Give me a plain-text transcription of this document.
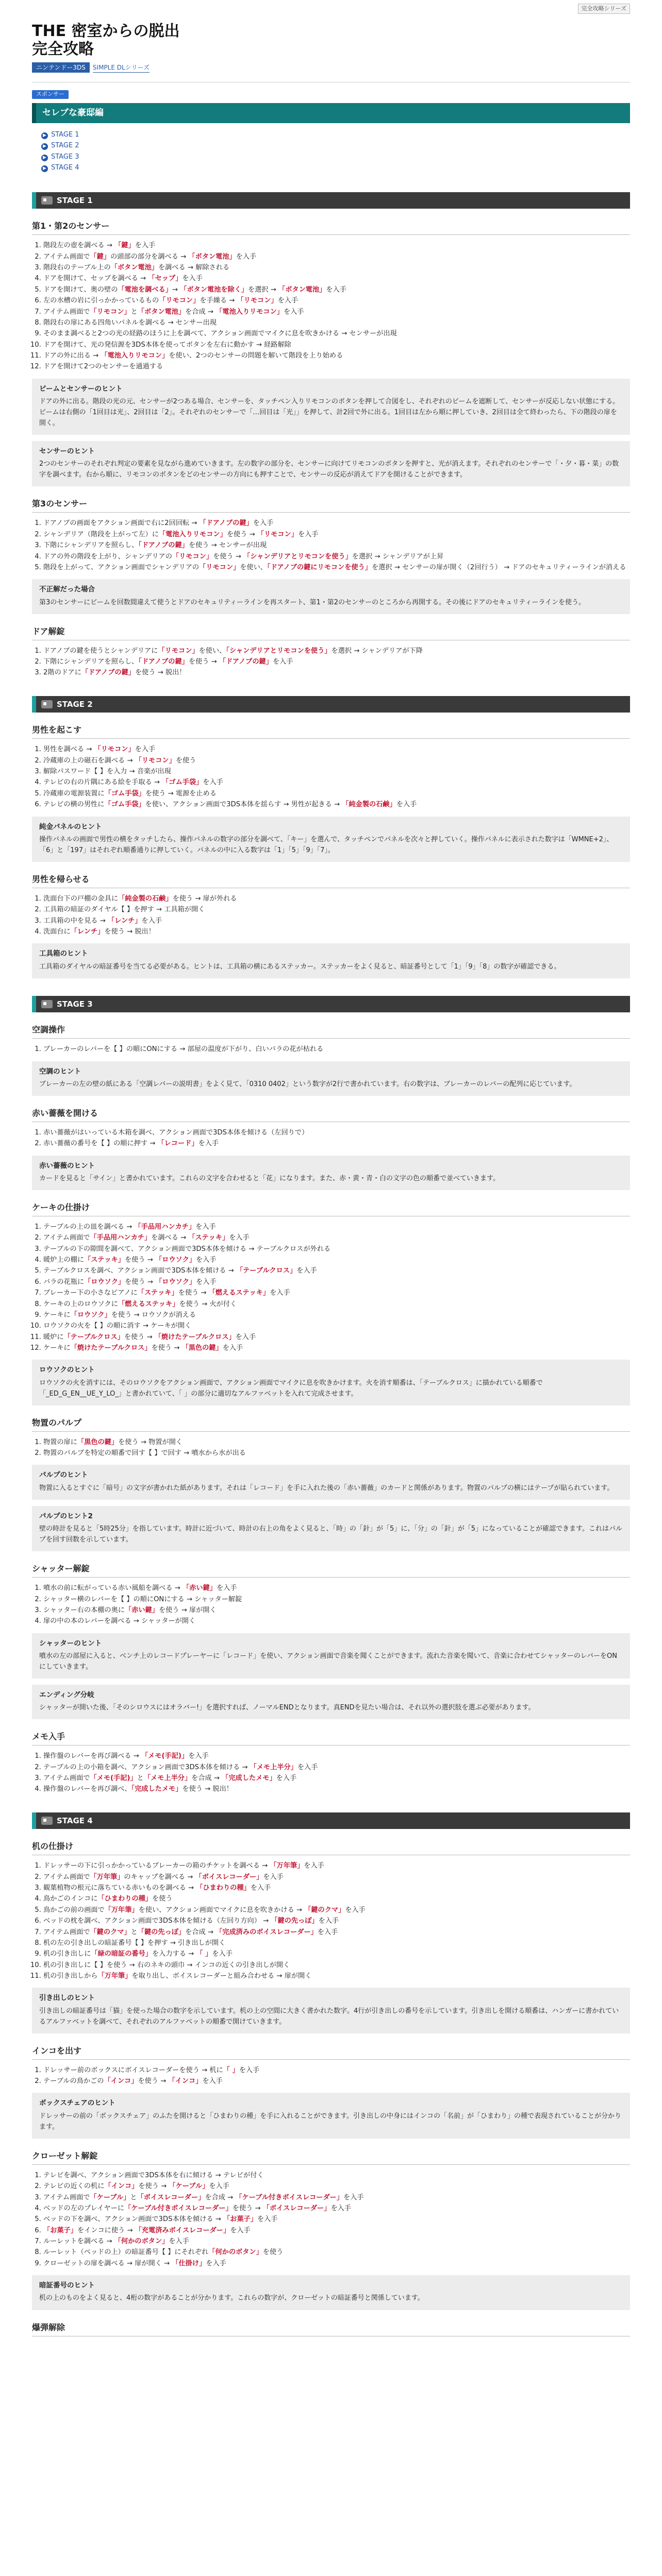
完全攻略シリーズ
THE 密室からの脱出
完全攻略
ニンテンドー3DS	SIMPLE DLシリーズ
スポンサー
セレブな豪邸編
▶ STAGE 1
▶ STAGE 2
▶ STAGE 3
▶ STAGE 4
STAGE 1
第1・第2のセンサー
1. 階段左の壺を調べる → 「鍵」を入手
2. アイテム画面で「鍵」の頭部の部分を調べる → 「ボタン電池」を入手
3. 階段右のテーブル上の「ボタン電池」を調べる → 解除される
4. ドアを開けて、セッブを調べる → 「セッブ」を入手
5. ドアを開けて、奥の壁の「電池を調べる」→ 「ボタン電池を除く」を選択 → 「ボタン電池」を入手
6. 左の水槽の岩に引っかかっているもの「リモコン」を手繰る → 「リモコン」を入手
7. アイテム画面で「リモコン」と「ボタン電池」を合成 → 「電池入りリモコン」を入手
8. 階段右の扉にある四角いパネルを調べる → センサー出現
9. そのまま調べると2つの光の経路のほうに上を調べて、アクション画面でマイクに息を吹きかける → センサーが出現
10. ドアを開けて、光の発信源を3DS本体を使ってボタンを左右に動かす → 経路解除
11. ドアの外に出る → 「電池入りリモコン」を使い、2つのセンサーの問題を解いて階段を上り始める
12. ドアを開けて2つのセンサーを通過する
ビームとセンサーのヒント

ドアの外に出る。階段の光の元、センサーが2つある場合、センサーを、タッチペン入りリモコンのボタンを押して合図をし、それぞれのビームを遮断して、センサーが反応しない状態にする。ビームは右側の「1回目は光」、2回目は「2」。それぞれのセンサーで「…回目は「光」」を押して、計2回で外に出る。1回目は左から順に押していき、2回目は全て終わったら、下の階段の扉を開く。

センサーのヒント

2つのセンサーのそれぞれ判定の要素を見ながら進めていきます。左の数字の部分を、センサーに向けてリモコンのボタンを押すと、光が消えます。それぞれのセンサーで「・夕・暮・菜」の数字を調べます。右から順に、リモコンのボタンをどのセンサーの方向にも押すことで、センサーの反応が消えてドアを開けることができます。

第3のセンサー
1. ドアノブの画面をアクション画面で右に2回回転 → 「ドアノブの鍵」を入手
2. シャンデリア（階段を上がって左）に「電池入りリモコン」を使う → 「リモコン」を入手
3. 下階にシャンデリアを照らし、「ドアノブの鍵」を使う → センサーが出現
4. ドアの外の階段を上がり、シャンデリアの「リモコン」を使う → 「シャンデリアとリモコンを使う」を選択 → シャンデリアが上昇
5. 階段を上がって、アクション画面でシャンデリアの「リモコン」を使い、「ドアノブの鍵にリモコンを使う」を選択 → センサーの扉が開く（2回行う） → ドアのセキュリティーラインが消える
不正解だった場合

第3のセンサーにビームを回数間違えて使うとドアのセキュリティーラインを再スタート、第1・第2のセンサーのところから再開する。その後にドアのセキュリティーラインを使う。

ドア解錠
1. ドアノブの鍵を使うとシャンデリアに「リモコン」を使い、「シャンデリアとリモコンを使う」を選択 → シャンデリアが下降
2. 下階にシャンデリアを照らし、「ドアノブの鍵」を使う → 「ドアノブの鍵」を入手
3. 2階のドアに「ドアノブの鍵」を使う → 脱出！
STAGE 2
男性を起こす
1. 男性を調べる → 「リモコン」を入手
2. 冷蔵庫の上の磁石を調べる → 「リモコン」を使う
3. 解除パスワード【 】を入力 → 音楽が出現
4. テレビの右の片隅にある絵を手取る → 「ゴム手袋」を入手
5. 冷蔵庫の電源装置に「ゴム手袋」を使う → 電源を止める
6. テレビの横の男性に「ゴム手袋」を使い、アクション画面で3DS本体を揺らす → 男性が起きる → 「純金製の石鹸」を入手
純金パネルのヒント

操作パネルの画面で男性の横をタッチしたら、操作パネルの数字の部分を調べて、「キー」を選んで、タッチペンでパネルを次々と押していく。操作パネルに表示された数字は「WMNE+2」、「6」と「197」はそれぞれ順番通りに押していく。パネルの中に入る数字は「1」「5」「9」「7」。

男性を帰らせる
1. 洗面台下の戸棚の金具に「純金製の石鹸」を使う → 扉が外れる
2. 工具箱の暗証のダイヤル【 】を押す → 工具箱が開く
3. 工具箱の中を見る → 「レンチ」を入手
4. 洗面台に「レンチ」を使う → 脱出！
工具箱のヒント

工具箱のダイヤルの暗証番号を当てる必要がある。ヒントは、工具箱の横にあるステッカー。ステッカーをよく見ると、暗証番号として「1」「9」「8」の数字が確認できる。

STAGE 3
空調操作
1. ブレーカーのレバーを【 】の順にONにする → 部屋の温度が下がり、白いバラの花が枯れる
空調のヒント

ブレーカーの左の壁の紙にある「空調レバーの説明書」をよく見て、「0310 0402」という数字が2行で書かれています。右の数字は、ブレーカーのレバーの配列に応じています。

赤い薔薇を開ける
1. 赤い薔薇がはいっている木箱を調べ、アクション画面で3DS本体を傾ける（左回りで）
2. 赤い薔薇の番号を【 】の順に押す → 「レコード」を入手
赤い薔薇のヒント

カードを見ると「サイン」と書かれています。これらの文字を合わせると「花」になります。また、赤・黄・青・白の文字の色の順番で並べていきます。

ケーキの仕掛け
1. テーブルの上の皿を調べる → 「手品用ハンカチ」を入手
2. アイテム画面で「手品用ハンカチ」を調べる → 「ステッキ」を入手
3. テーブルの下の隙間を調べて、アクション画面で3DS本体を傾ける → テーブルクロスが外れる
4. 暖炉上の棚に「ステッキ」を使う → 「ロウソク」を入手
5. テーブルクロスを調べ、アクション画面で3DS本体を傾ける → 「テーブルクロス」を入手
6. バラの花瓶に「ロウソク」を使う → 「ロウソク」を入手
7. ブレーカー下の小さなピアノに「ステッキ」を使う → 「燃えるステッキ」を入手
8. ケーキの上のロウソクに「燃えるステッキ」を使う → 火が付く
9. ケーキに「ロウソク」を使う → ロウソクが消える
10. ロウソクの火を【 】の順に消す → ケーキが開く
11. 暖炉に「テーブルクロス」を使う → 「焼けたテーブルクロス」を入手
12. ケーキに「焼けたテーブルクロス」を使う → 「黒色の鍵」を入手
ロウソクのヒント

ロウソクの火を消すには、そのロウソクをアクション画面で、アクション画面でマイクに息を吹きかけます。火を消す順番は、「テーブルクロス」に描かれている順番で「_ED_G_EN__UE_Y_LO_」と書かれていて、「 」の部分に適切なアルファベットを入れて完成させます。

物置のパルプ
1. 物置の扉に「黒色の鍵」を使う → 物置が開く
2. 物置のバルブを特定の順番で回す【 】で回す → 噴水から水が出る
パルプのヒント

物置に入るとすぐに「暗号」の文字が書かれた紙があります。それは「レコード」を手に入れた後の「赤い薔薇」のカードと関係があります。物置のパルプの横にはテープが貼られています。

パルプのヒント2

壁の時計を見ると「5時25分」を指しています。時計に近づいて、時計の右上の角をよく見ると、「時」の「針」が「5」に、「分」の「針」が「5」になっていることが確認できます。これはパルプを回す回数を示しています。

シャッター解錠
1. 噴水の前に転がっている赤い風船を調べる → 「赤い鍵」を入手
2. シャッター横のレバーを【 】の順にONにする → シャッター解錠
3. シャッター右の本棚の奥に「赤い鍵」を使う → 扉が開く
4. 扉の中の本のレバーを調べる → シャッターが開く
シャッターのヒント

噴水の左の部屋に入ると、ベンチ上のレコードプレーヤーに「レコード」を使い、アクション画面で音楽を聞くことができます。流れた音楽を聞いて、音楽に合わせてシャッターのレバーをONにしていきます。

エンディング分岐

シャッターが開いた後、「そのシロウスにはオラバー!」を選択すれば、ノーマルENDとなります。真ENDを見たい場合は、それ以外の選択肢を選ぶ必要があります。

メモ入手
1. 操作盤のレバーを再び調べる → 「メモ(手記)」を入手
2. テーブルの上の小箱を調べ、アクション画面で3DS本体を傾ける → 「メモ上半分」を入手
3. アイテム画面で「メモ(手記)」と「メモ上半分」を合成 → 「完成したメモ」を入手
4. 操作盤のレバーを再び調べ、「完成したメモ」を使う → 脱出！
STAGE 4
机の仕掛け
1. ドレッサーの下に引っかかっているブレーカーの箱のチケットを調べる → 「万年筆」を入手
2. アイテム画面で「万年筆」のキャップを調べる → 「ボイスレコーダー」を入手
3. 観葉植物の根元に落ちている赤いものを調べる → 「ひまわりの種」を入手
4. 鳥かごのインコに「ひまわりの種」を使う
5. 鳥かごの前の画面で「万年筆」を使い、アクション画面でマイクに息を吹きかける → 「鍵のクマ」を入手
6. ベッドの枕を調べ、アクション画面で3DS本体を傾ける（左回り方向） → 「鍵の先っぽ」を入手
7. アイテム画面で「鍵のクマ」と「鍵の先っぽ」を合成 → 「完成済みのボイスレコーダー」を入手
8. 机の左の引き出しの暗証番号【 】を押す → 引き出しが開く
9. 机の引き出しに「緑の暗証の番号」を入力する → 「 」を入手
10. 机の引き出しに【 】を使う → 右のネキの頭巾 → インコの近くの引き出しが開く
11. 机の引き出しから「万年筆」を取り出し、ボイスレコーダーと組み合わせる → 扉が開く
引き出しのヒント

引き出しの暗証番号は「猫」を使った場合の数字を示しています。机の上の空間に大きく書かれた数字。4行が引き出しの番号を示しています。引き出しを開ける順番は、ハンガーに書かれているアルファベットを調べて、それぞれのアルファベットの順番で開けていきます。

インコを出す
1. ドレッサー前のボックスにボイスレコーダーを使う → 机に「 」を入手
2. テーブルの鳥かごの「インコ」を使う → 「インコ」を入手
ボックスチェアのヒント

ドレッサーの前の「ボックスチェア」のふたを開けると「ひまわりの種」を手に入れることができます。引き出しの中身にはインコの「名前」が「ひまわり」の種で表現されていることが分かります。

クローゼット解錠
1. テレビを調べ、アクション画面で3DS本体を右に傾ける → テレビが付く
2. テレビの近くの机に「インコ」を使う → 「ケーブル」を入手
3. アイテム画面で「ケーブル」と「ボイスレコーダー」を合成 → 「ケーブル付きボイスレコーダー」を入手
4. ベッドの左のプレイヤーに「ケーブル付きボイスレコーダー」を使う → 「ボイスレコーダー」を入手
5. ベッドの下を調べ、アクション画面で3DS本体を傾ける → 「お菓子」を入手
6. 「お菓子」をインコに使う → 「充電済みボイスレコーダー」を入手
7. ルーレットを調べる → 「何かのボタン」を入手
8. ルーレット（ベッドの上）の暗証番号【 】にそれぞれ「何かのボタン」を使う
9. クローゼットの扉を調べる → 扉が開く → 「仕掛け」を入手
暗証番号のヒント

机の上のものをよく見ると、4桁の数字があることが分かります。これらの数字が、クローゼットの暗証番号と関係しています。

爆弾解除
